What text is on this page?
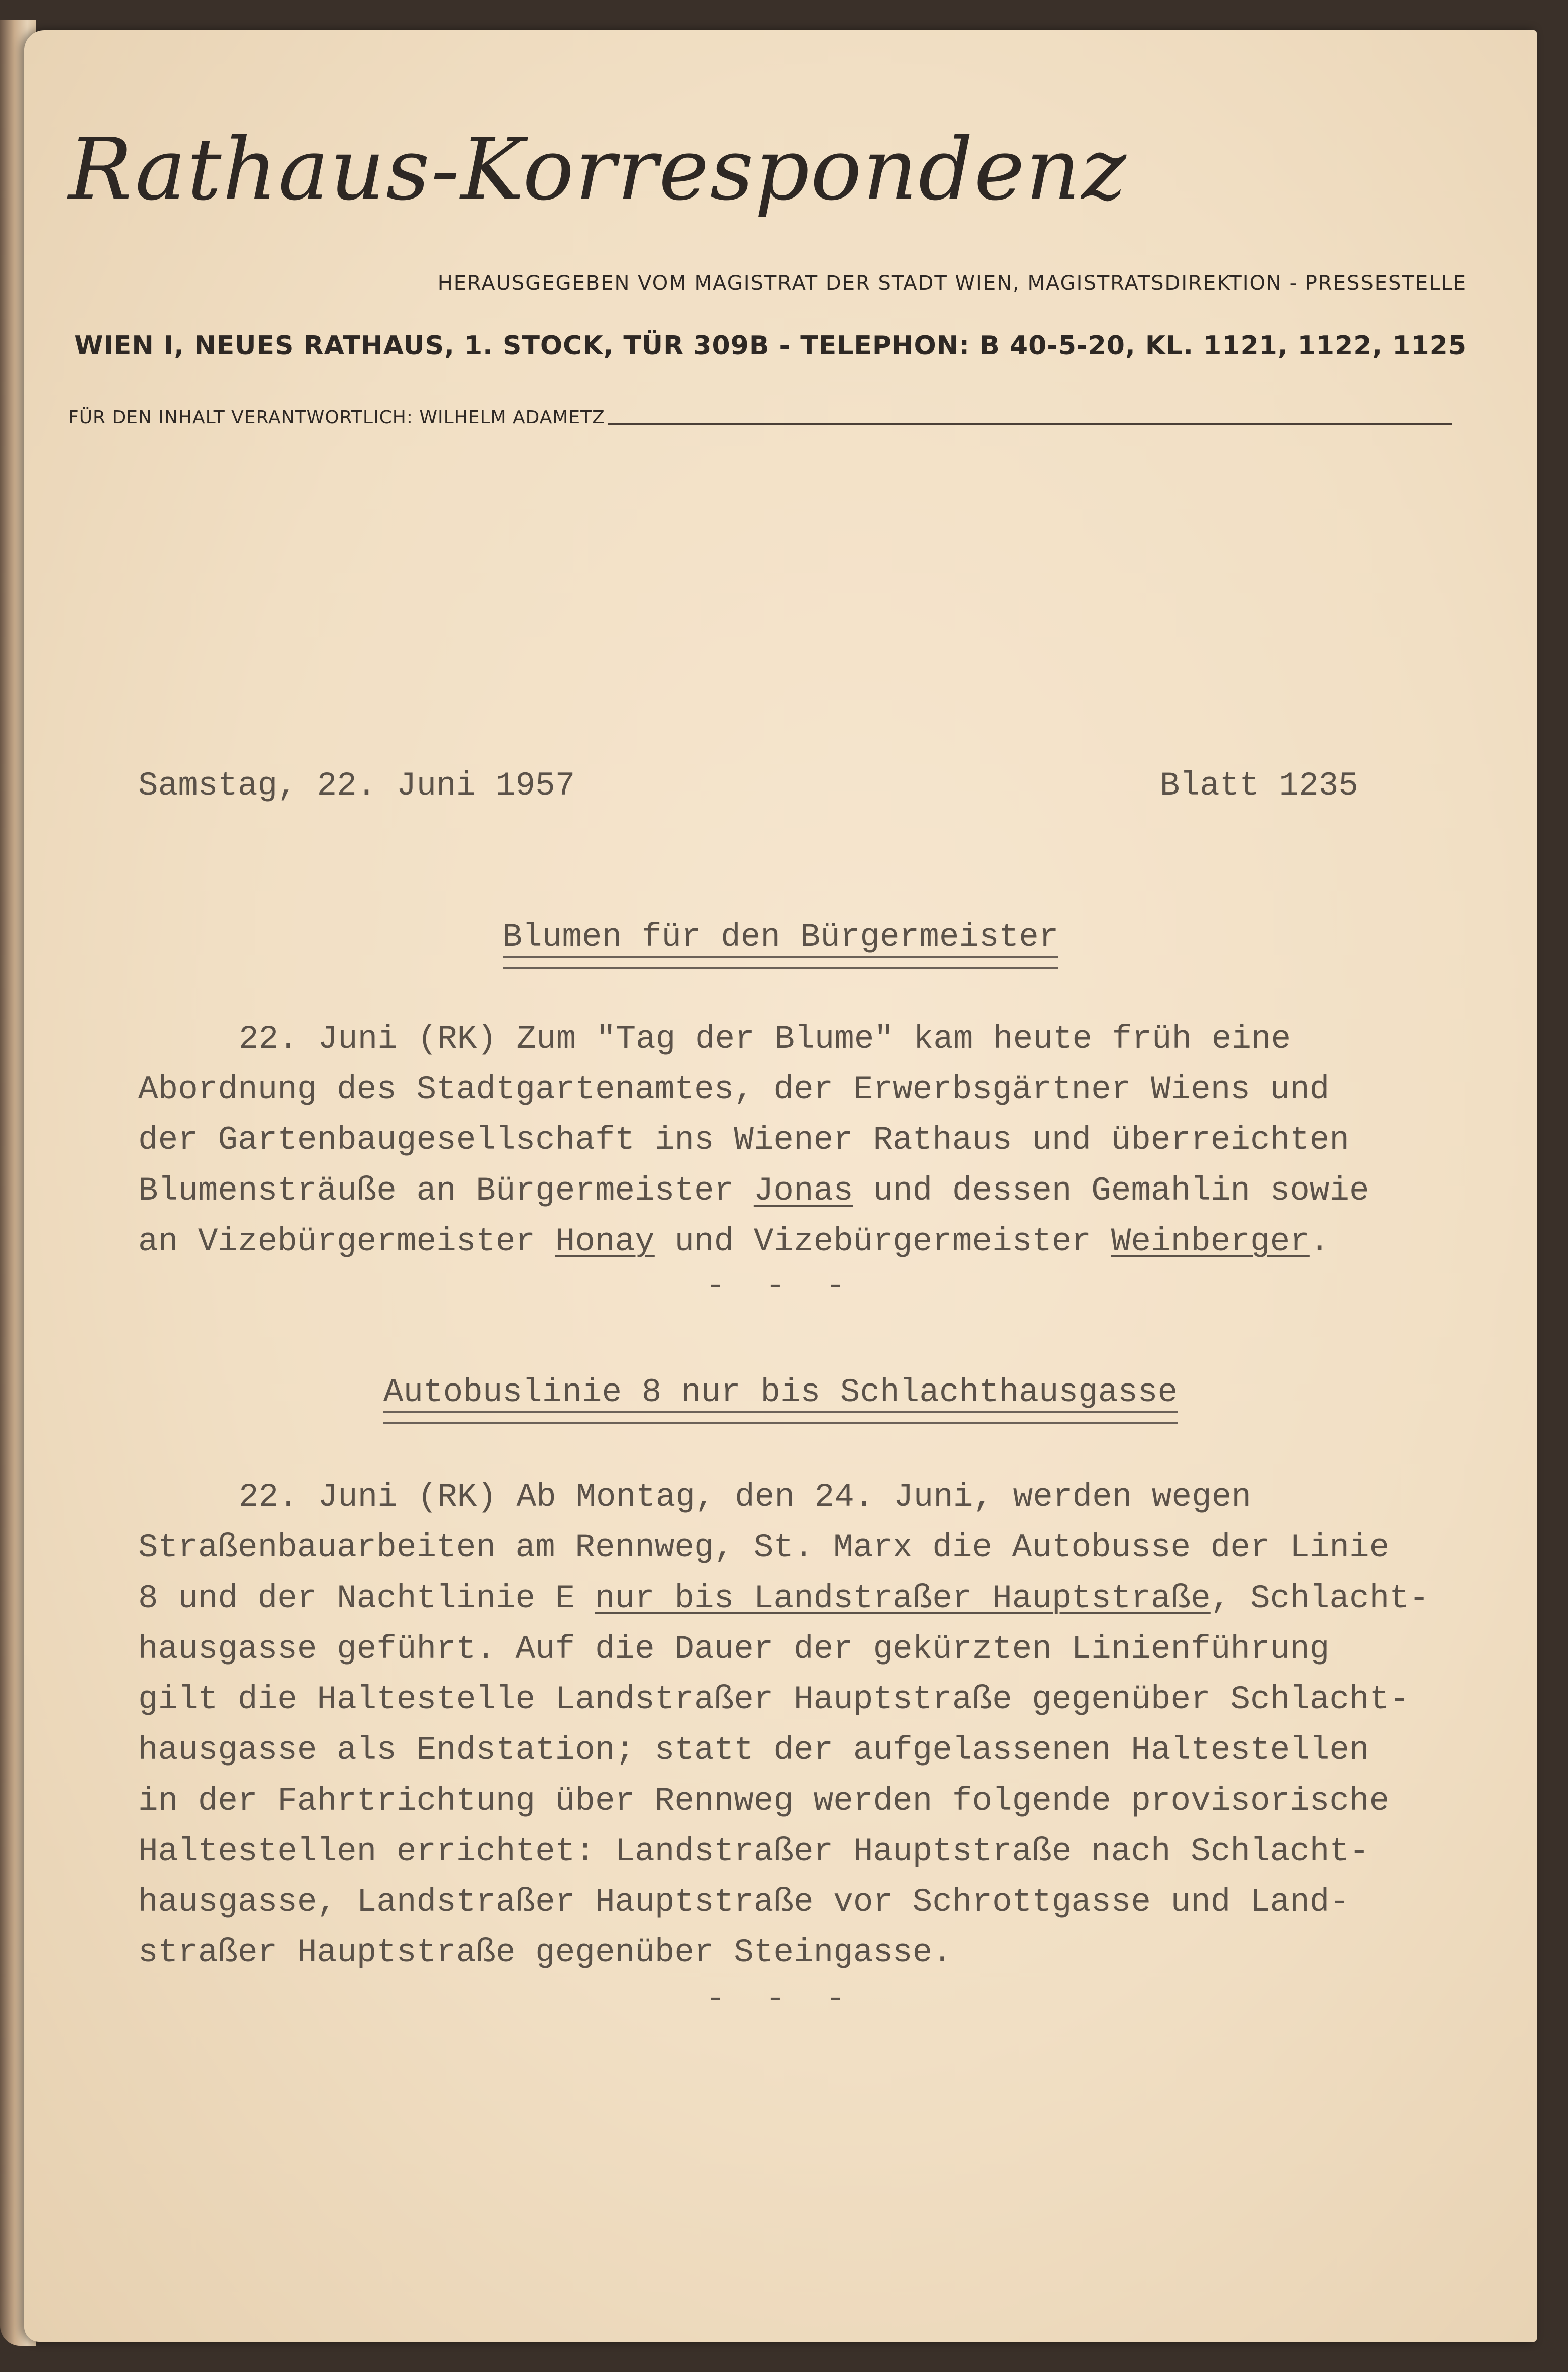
Rathaus-Korrespondenz
HERAUSGEGEBEN VOM MAGISTRAT DER STADT WIEN, MAGISTRATSDIREKTION - PRESSESTELLE
WIEN I, NEUES RATHAUS, 1. STOCK, TÜR 309B - TELEPHON: B 40-5-20, KL. 1121, 1122, 1125
FÜR DEN INHALT VERANTWORTLICH: WILHELM ADAMETZ
Samstag, 22. Juni 1957	Blatt 1235
Blumen für den Bürgermeister
22. Juni (RK) Zum "Tag der Blume" kam heute früh eine
Abordnung des Stadtgartenamtes, der Erwerbsgärtner Wiens und
der Gartenbaugesellschaft ins Wiener Rathaus und überreichten
Blumensträuße an Bürgermeister Jonas und dessen Gemahlin sowie
an Vizebürgermeister Honay und Vizebürgermeister Weinberger.
- - -
Autobuslinie 8 nur bis Schlachthausgasse
22. Juni (RK) Ab Montag, den 24. Juni, werden wegen
Straßenbauarbeiten am Rennweg, St. Marx die Autobusse der Linie
8 und der Nachtlinie E nur bis Landstraßer Hauptstraße, Schlacht-
hausgasse geführt. Auf die Dauer der gekürzten Linienführung
gilt die Haltestelle Landstraßer Hauptstraße gegenüber Schlacht-
hausgasse als Endstation; statt der aufgelassenen Haltestellen
in der Fahrtrichtung über Rennweg werden folgende provisorische
Haltestellen errichtet: Landstraßer Hauptstraße nach Schlacht-
hausgasse, Landstraßer Hauptstraße vor Schrottgasse und Land-
straßer Hauptstraße gegenüber Steingasse.
- - -
